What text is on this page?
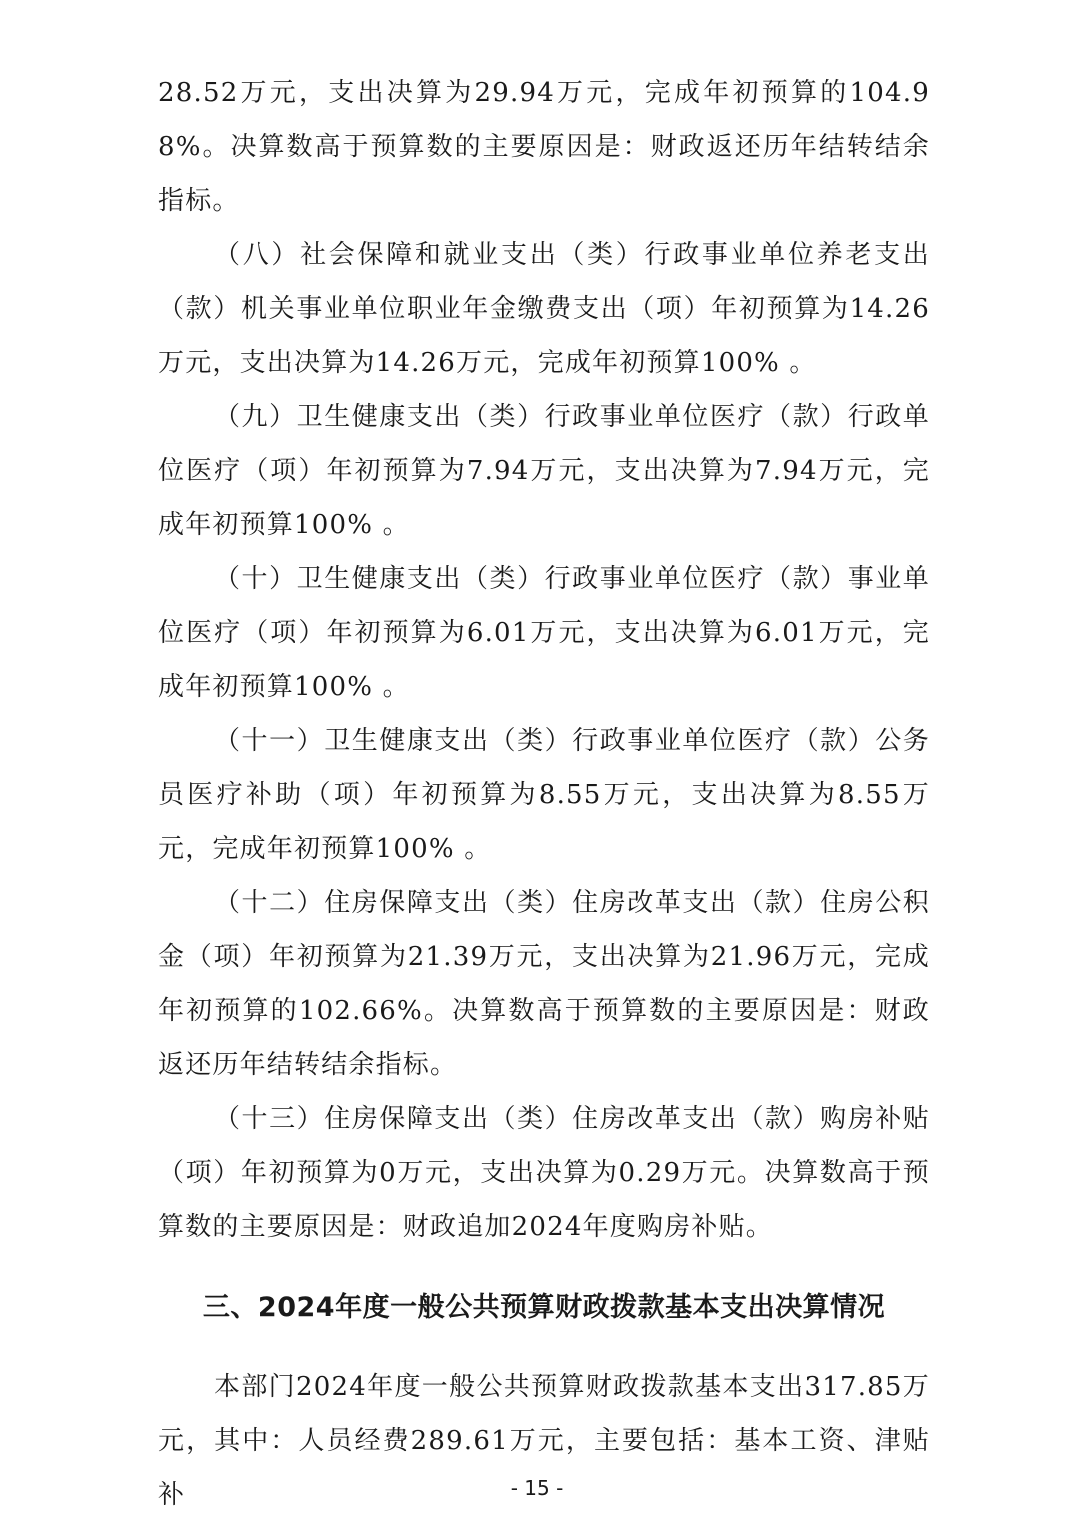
28.52万元，支出决算为29.94万元，完成年初预算的104.98%。决算数高于预算数的主要原因是：财政返还历年结转结余指标。

（八）社会保障和就业支出（类）行政事业单位养老支出（款）机关事业单位职业年金缴费支出（项）年初预算为14.26万元，支出决算为14.26万元，完成年初预算100% 。

（九）卫生健康支出（类）行政事业单位医疗（款）行政单位医疗（项）年初预算为7.94万元，支出决算为7.94万元，完成年初预算100% 。

（十）卫生健康支出（类）行政事业单位医疗（款）事业单位医疗（项）年初预算为6.01万元，支出决算为6.01万元，完成年初预算100% 。

（十一）卫生健康支出（类）行政事业单位医疗（款）公务员医疗补助（项）年初预算为8.55万元，支出决算为8.55万元，完成年初预算100% 。

（十二）住房保障支出（类）住房改革支出（款）住房公积金（项）年初预算为21.39万元，支出决算为21.96万元，完成年初预算的102.66%。决算数高于预算数的主要原因是：财政返还历年结转结余指标。

（十三）住房保障支出（类）住房改革支出（款）购房补贴（项）年初预算为0万元，支出决算为0.29万元。决算数高于预算数的主要原因是：财政追加2024年度购房补贴。

三、2024年度一般公共预算财政拨款基本支出决算情况

本部门2024年度一般公共预算财政拨款基本支出317.85万元，其中：人员经费289.61万元，主要包括：基本工资、津贴补	- 15 -
